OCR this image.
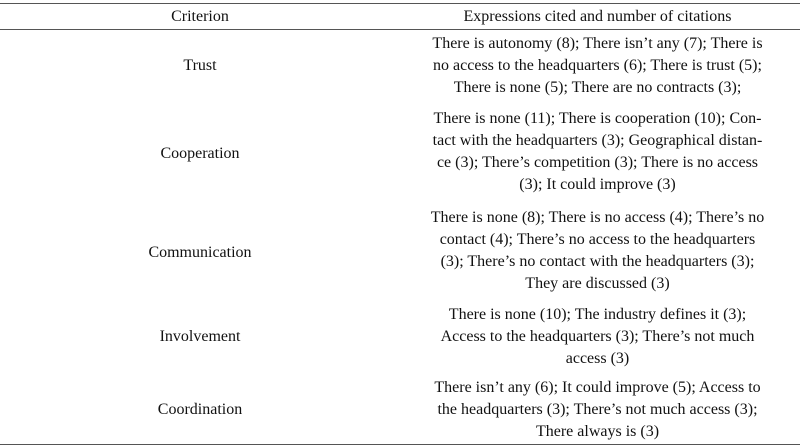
Criterion	Expressions cited and number of citations
Trust
There is autonomy (8); There isn’t any (7); There is
no access to the headquarters (6); There is trust (5);
There is none (5); There are no contracts (3);
Cooperation
There is none (11); There is cooperation (10); Con-
tact with the headquarters (3); Geographical distan-
ce (3); There’s competition (3); There is no access
(3); It could improve (3)
Communication
There is none (8); There is no access (4); There’s no
contact (4); There’s no access to the headquarters
(3); There’s no contact with the headquarters (3);
They are discussed (3)
Involvement
There is none (10); The industry defines it (3);
Access to the headquarters (3); There’s not much
access (3)
Coordination
There isn’t any (6); It could improve (5); Access to
the headquarters (3); There’s not much access (3);
There always is (3)
